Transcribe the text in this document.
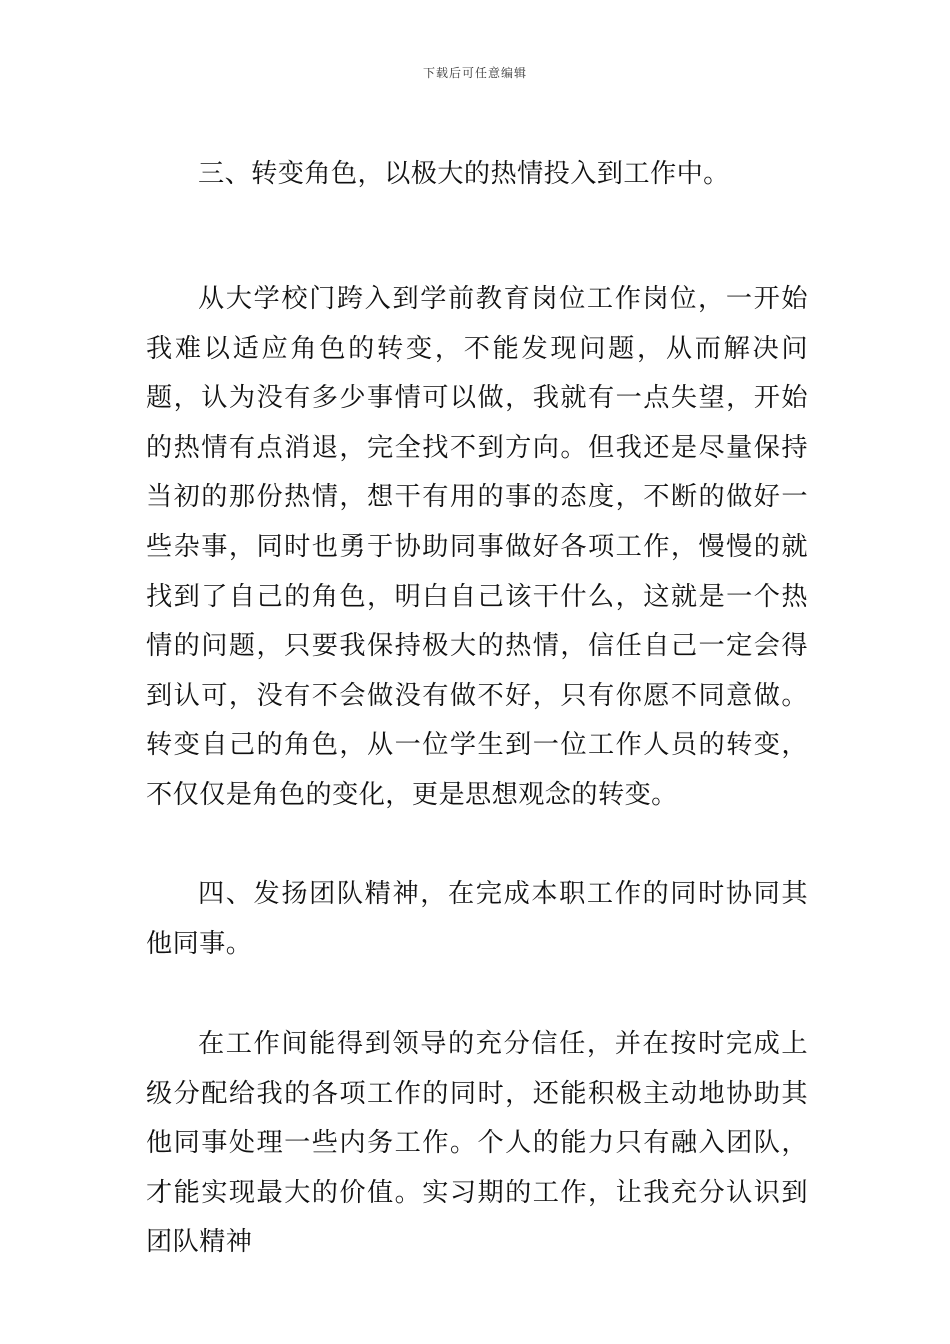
下载后可任意编辑

三、转变角色，以极大的热情投入到工作中。

从大学校门跨入到学前教育岗位工作岗位，一开始我难以适应角色的转变，不能发现问题，从而解决问题，认为没有多少事情可以做，我就有一点失望，开始的热情有点消退，完全找不到方向。但我还是尽量保持当初的那份热情，想干有用的事的态度，不断的做好一些杂事，同时也勇于协助同事做好各项工作，慢慢的就找到了自己的角色，明白自己该干什么，这就是一个热情的问题，只要我保持极大的热情，信任自己一定会得到认可，没有不会做没有做不好，只有你愿不同意做。转变自己的角色，从一位学生到一位工作人员的转变，不仅仅是角色的变化，更是思想观念的转变。

四、发扬团队精神，在完成本职工作的同时协同其他同事。

在工作间能得到领导的充分信任，并在按时完成上级分配给我的各项工作的同时，还能积极主动地协助其他同事处理一些内务工作。个人的能力只有融入团队，才能实现最大的价值。实习期的工作，让我充分认识到团队精神
